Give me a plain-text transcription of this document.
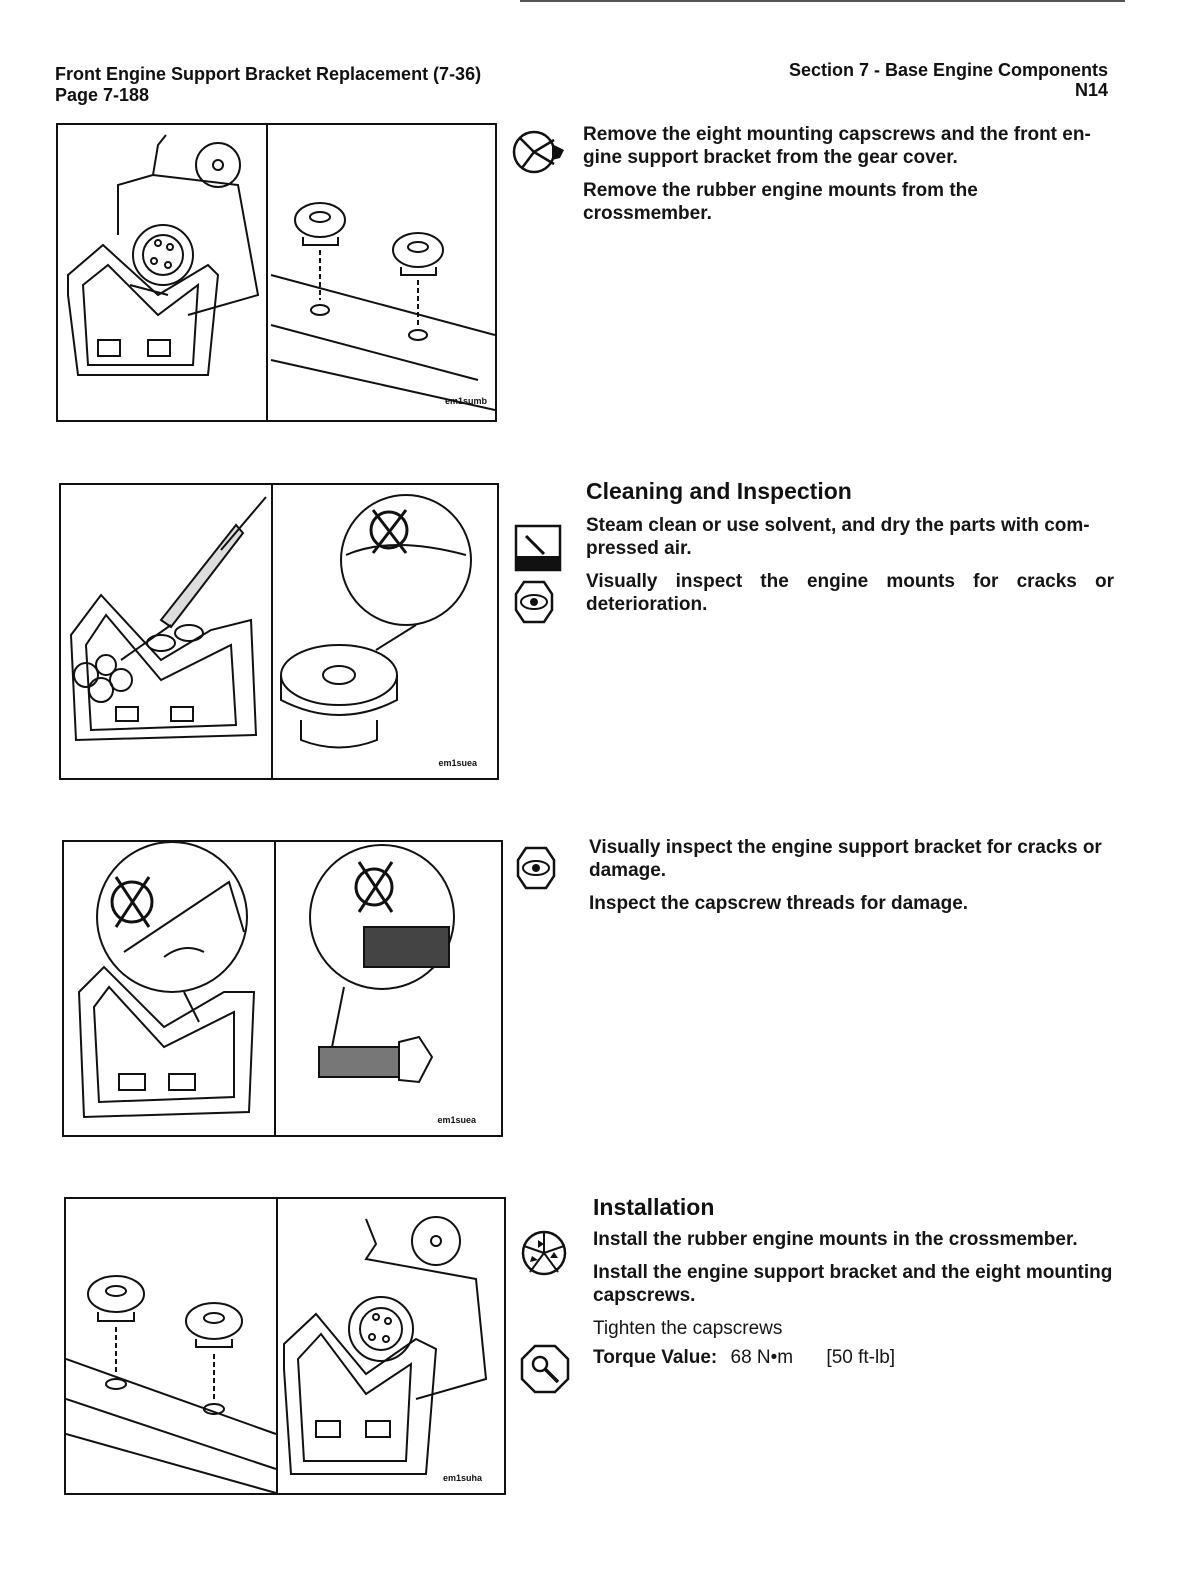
Front Engine Support Bracket Replacement (7-36)
Page 7-188
Section 7 - Base Engine Components
N14
em1sumb

Remove the eight mounting capscrews and the front en-gine support bracket from the gear cover.

Remove the rubber engine mounts from the crossmember.

em1suea
Cleaning and Inspection

Steam clean or use solvent, and dry the parts with com-pressed air.

Visually inspect the engine mounts for cracks or
deterioration.
em1suea

Visually inspect the engine support bracket for cracks or damage.

Inspect the capscrew threads for damage.

em1suha
Installation

Install the rubber engine mounts in the crossmember.

Install the engine support bracket and the eight mounting capscrews.

Tighten the capscrews

Torque Value: 68 N•m [50 ft-lb]
